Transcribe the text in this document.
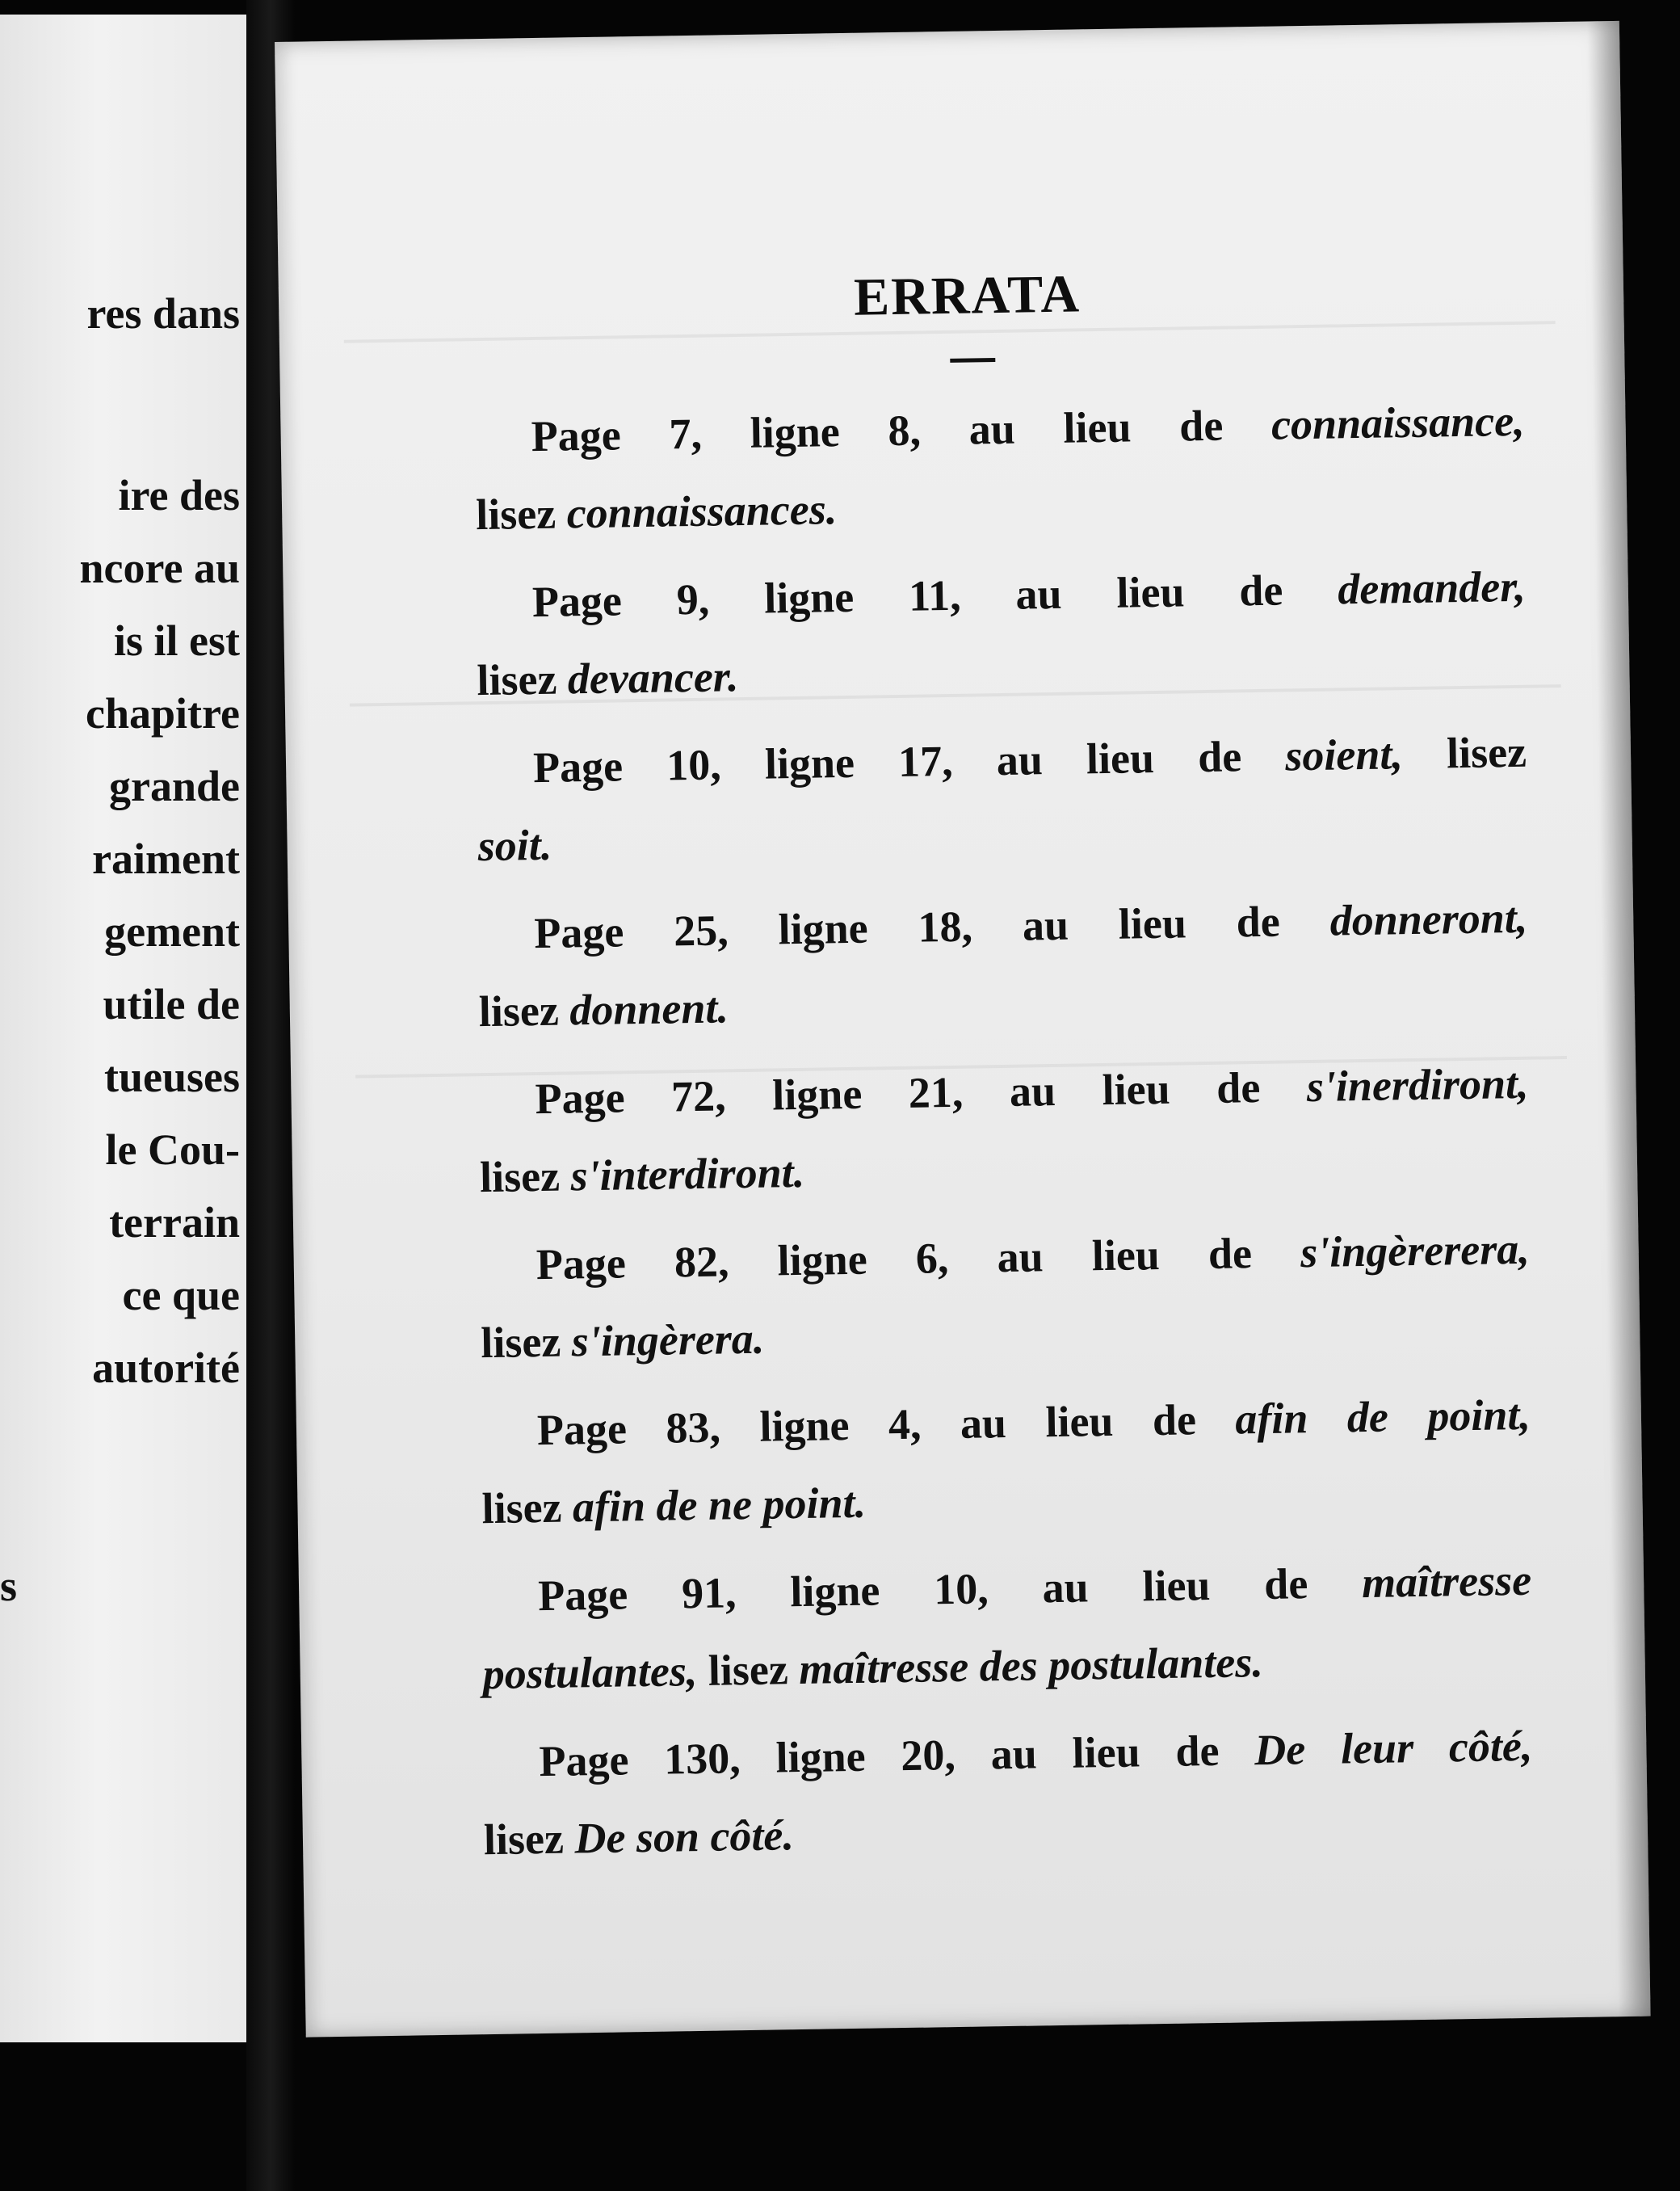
res dans
ire des
ncore au
is il est
chapitre
grande
raiment
gement
utile de
tueuses
le Cou-
terrain
ce que
autorité
s
ERRATA
Page 7, ligne 8, au lieu de connaissance,
lisez connaissances.
Page 9, ligne 11, au lieu de demander,
lisez devancer.
Page 10, ligne 17, au lieu de soient, lisez
soit.
Page 25, ligne 18, au lieu de donneront,
lisez donnent.
Page 72, ligne 21, au lieu de s'inerdiront,
lisez s'interdiront.
Page 82, ligne 6, au lieu de s'ingèrerera,
lisez s'ingèrera.
Page 83, ligne 4, au lieu de afin de point,
lisez afin de ne point.
Page 91, ligne 10, au lieu de maîtresse
postulantes, lisez maîtresse des postulantes.
Page 130, ligne 20, au lieu de De leur côté,
lisez De son côté.
